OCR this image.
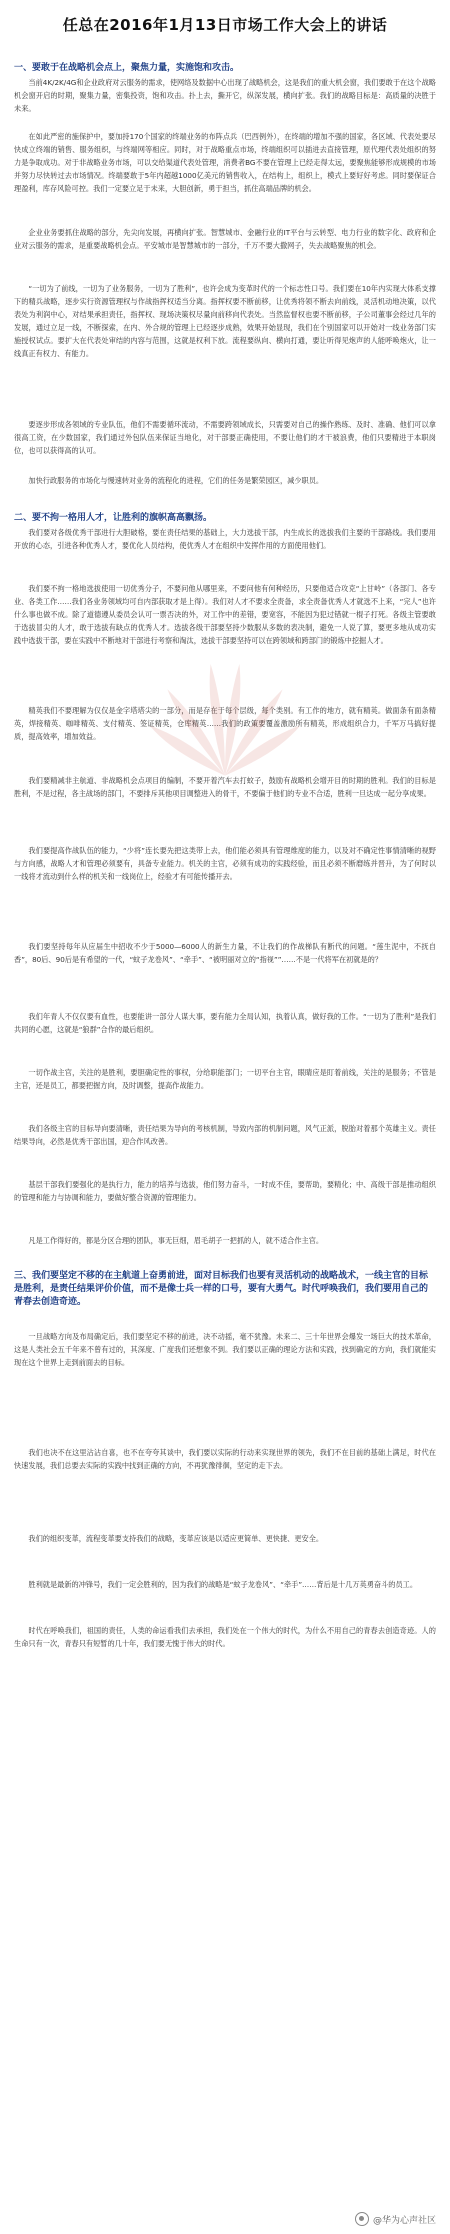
任总在2016年1月13日市场工作大会上的讲话
一、要敢于在战略机会点上，聚焦力量，实施饱和攻击。
当前4K/2K/4G和企业政府对云服务的需求，使网络及数据中心出现了战略机会，这是我们的重大机会窗，我们要敢于在这个战略机会窗开启的时期，聚集力量，密集投资，饱和攻击。扑上去，撕开它，纵深发展，横向扩张。我们的战略目标是：高质量的决胜于未来。
在如此严密的施保护中，要加持170个国家的终端业务的布阵点兵（巴西例外），在终端的增加不强的国家，各区域、代表处要尽快成立终端的销售、服务组织，与终端网等相应。同时，对于战略重点市场，终端组织可以插进去直接管理，原代理代表处组织的努力是争取成功。对于非战略业务市场，可以交给渠道代表处管理，消费者BG不要在管理上已经走得太远，要聚焦能够形成规模的市场并努力尽快转过去市场情况。终端要敢于5年内超越1000亿美元的销售收入，在结构上，组织上，模式上要好好考虑。同时要保证合理盈利，库存风险可控。我们一定要立足于未来，大胆创新，勇于担当，抓住高端品牌的机会。
企业业务要抓住战略的部分，先尖向发展，再横向扩张。智慧城市、金融行业的IT平台与云转型、电力行业的数字化、政府和企业对云服务的需求，是重要战略机会点。平安城市是智慧城市的一部分，千万不要大撒网子，失去战略聚焦的机会。
“一切为了前线，一切为了业务服务，一切为了胜利”，也许会成为变革时代的一个标志性口号。我们要在10年内实现大体系支撑下的精兵战略，逐步实行资源管理权与作战指挥权适当分离。指挥权要不断前移，让优秀将领不断去向前线，灵活机动地决策，以代表处为利润中心，对结果承担责任，指挥权、现场决策权尽量向前移向代表处。当然监督权也要不断前移，子公司董事会经过几年的发展，通过立足一线，不断探索，在内、外合规的管理上已经逐步成熟，效果开始显现，我们在个别国家可以开始对一线业务部门实施授权试点。要扩大在代表处审结的内容与范围，这就是权利下放。流程要纵向、横向打通，要让听得见炮声的人能呼唤炮火，让一线真正有权力、有能力。
要逐步形成各领域的专业队伍，他们不需要循环流动，不需要跨领域成长，只需要对自己的操作熟练、及时、准确、他们可以拿很高工资，在少数国家，我们通过外包队伍来保证当地化，对干部要正确使用，不要让他们的才干被浪费，他们只要精进于本职岗位，也可以获得高的认可。
加快行政服务的市场化与慢速转对业务的流程化的进程，它们的任务是繁荣园区，减少职员。
二、要不拘一格用人才，让胜利的旗帜高高飘扬。
我们要对各级优秀干部进行大胆破格，要在责任结果的基础上，大力选拔干部，内生成长的选拔我们主要的干部路线。我们要用开放的心态，引进各种优秀人才，要优化人员结构，使优秀人才在组织中发挥作用的方面使用他们。
我们要不拘一格地选拔使用一切优秀分子，不要问他从哪里来，不要问他有何种经历，只要他适合攻克“上甘岭”（各部门、各专业、各类工作……我们各业务领域均可自内部获取才是上得）。我们对人才不要求全责备，求全责备优秀人才就选不上来，“完人”也许什么事也做不成。除了道德遵从委员会认可一票否决的外，对工作中的差错，要宽容，不能因为犯过错就一棍子打死。各级主管要敢于选拔冒尖的人才，敢于选拔有缺点的优秀人才。选拔各级干部要坚持少数服从多数的表决制，避免一人说了算，要更多地从成功实践中选拔干部，要在实践中不断地对干部进行考察和淘汰，选拔干部要坚持可以在跨领域和跨部门的锻炼中挖掘人才。
精英我们不要理解为仅仅是金字塔塔尖的一部分，而是存在于每个层级，每个类别。有工作的地方，就有精英。做面条有面条精英，焊接精英、咖啡精英、支付精英、签证精英，仓库精英……我们的政策要覆盖激励所有精英，形成组织合力，千军万马搞好提质，提高效率，增加效益。
我们要精减非主航道、非战略机会点项目的编制，不要开着汽车去打蚊子，鼓励有战略机会增开目的时期的胜利。我们的目标是胜利，不是过程，各主战场的部门，不要排斥其他项目调整进入的骨干，不要偏于他们的专业不合适，胜利一旦达成一起分享成果。
我们要提高作战队伍的能力，“少将”连长要先把这类带上去，他们能必须具有管理维度的能力，以及对不确定性事情清晰的视野与方向感，战略人才和管理必须要有，具备专业能力。机关的主官，必须有成功的实践经验，而且必须不断磨练并晋升，为了何时以一线将才流动到什么样的机关和一线岗位上，经验才有可能传播开去。
我们要坚持每年从应届生中招收不少于5000—6000人的新生力量，不让我们的作战梯队有断代的问题。“莲生泥中，不抚自香”，80后、90后是有希望的一代，“蚊子龙卷风”、“牵手”、“被明丽对立的“指视””……不是一代将军在初就是的？
我们年青人不仅仅要有血性，也要能讲一部分人谋大事，要有能力全局认知，执着认真，做好我的工作。“一切为了胜利”是我们共同的心愿，这就是“狼群”合作的最后组织。
一切作战主官，关注的是胜利，要胆确定性的事权，分给职能部门；一切平台主官，眼睛应是盯着前线，关注的是服务；不管是主官，还是员工，都要把握方向，及时调整，提高作战能力。
我们各级主官的目标导向要清晰，责任结果为导向的考核机制，导致内部的机制问题，风气正派，脱胎对着那个英雄主义。责任结果导向，必然是优秀干部出国，迎合作风改善。
基层干部我们要强化的是执行力，能力的培养与选拔，他们努力奋斗，一时成不佳，要帮助，要精化；中、高级干部是推动组织的管理和能力与协调和能力，要做好整合资源的管理能力。
凡是工作得好的，都是分区合理的团队，事无巨细，眉毛胡子一把抓的人，就不适合作主官。
三、我们要坚定不移的在主航道上奋勇前进，面对目标我们也要有灵活机动的战略战术，一线主官的目标是胜利，是责任结果评价价值，而不是像士兵一样的口号，要有大勇气。时代呼唤我们，我们要用自己的青春去创造奇迹。
一旦战略方向及布局确定后，我们要坚定不移的前进，决不动摇，毫不犹豫。未来二、三十年世界会爆发一场巨大的技术革命，这是人类社会五千年来不曾有过的，其深度、广度我们还想象不到。我们要以正确的理论方法和实践，找到确定的方向，我们就能实现在这个世界上走到前面去的目标。
我们也决不在这里沾沾自喜，也不在夸夸其谈中，我们要以实际的行动来实现世界的领先，我们不在目前的基础上满足，时代在快速发展，我们总要去实际的实践中找到正确的方向，不再犹豫徘徊，坚定的走下去。
我们的组织变革，流程变革要支持我们的战略，变革应该是以适应更简单、更快捷、更安全。
胜利就是最新的冲锋号，我们一定会胜利的，因为我们的战略是“蚊子龙卷风”、“牵手”……背后是十几万英勇奋斗的员工。
时代在呼唤我们，祖国的责任，人类的命运看我们去承担，我们处在一个伟大的时代，为什么不用自己的青春去创造奇迹。人的生命只有一次，青春只有短暂的几十年，我们要无愧于伟大的时代。
@华为心声社区
